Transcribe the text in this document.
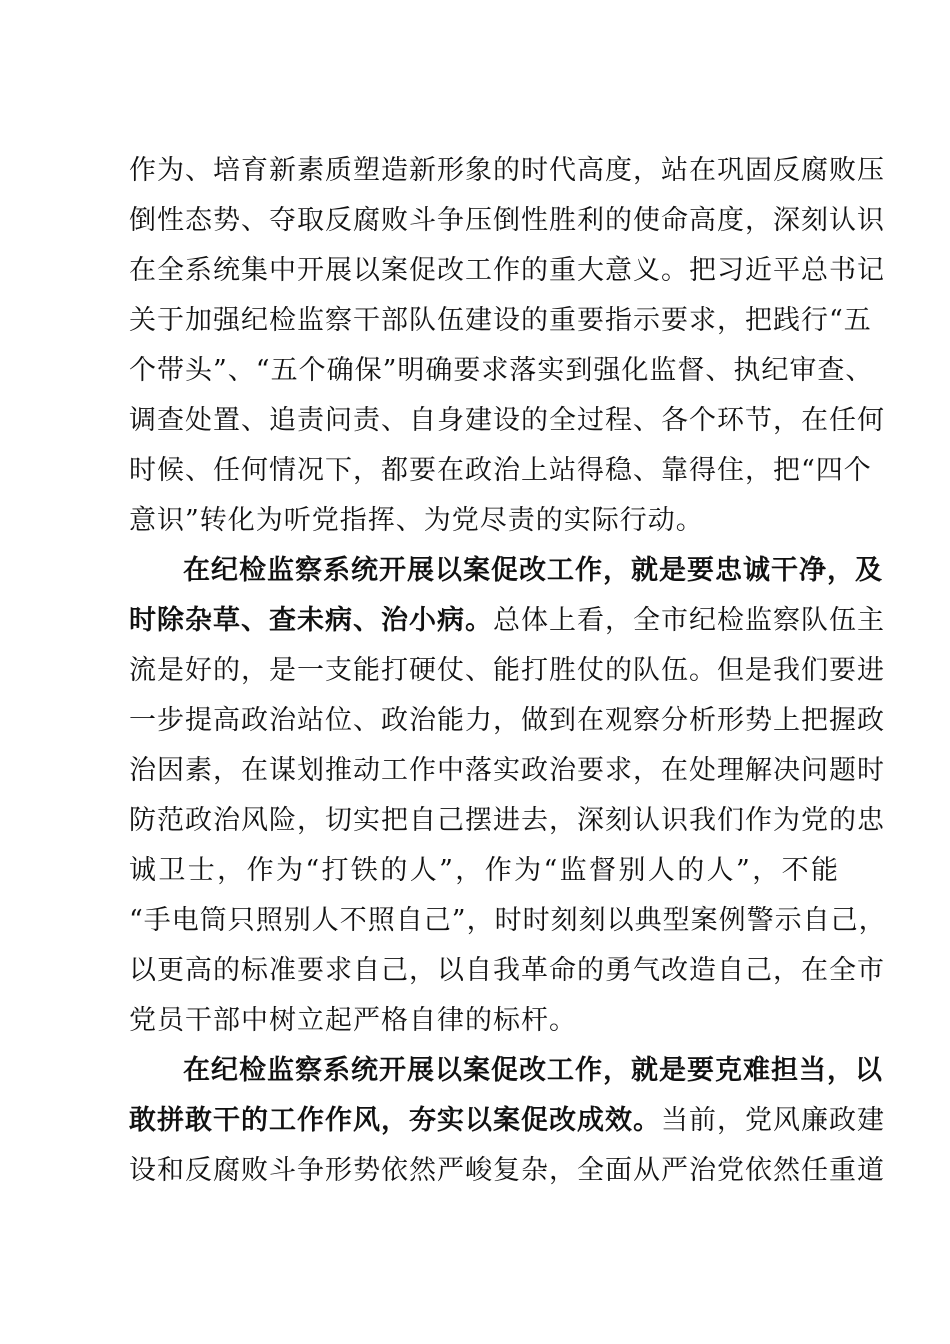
作为、培育新素质塑造新形象的时代高度，站在巩固反腐败压
倒性态势、夺取反腐败斗争压倒性胜利的使命高度，深刻认识
在全系统集中开展以案促改工作的重大意义。把习近平总书记
关于加强纪检监察干部队伍建设的重要指示要求，把践行“五
个带头”、“五个确保”明确要求落实到强化监督、执纪审查、
调查处置、追责问责、自身建设的全过程、各个环节，在任何
时候、任何情况下，都要在政治上站得稳、靠得住，把“四个
意识”转化为听党指挥、为党尽责的实际行动。
在纪检监察系统开展以案促改工作，就是要忠诚干净，及
时除杂草、查未病、治小病。总体上看，全市纪检监察队伍主
流是好的，是一支能打硬仗、能打胜仗的队伍。但是我们要进
一步提高政治站位、政治能力，做到在观察分析形势上把握政
治因素，在谋划推动工作中落实政治要求，在处理解决问题时
防范政治风险，切实把自己摆进去，深刻认识我们作为党的忠
诚卫士，作为“打铁的人”，作为“监督别人的人”，不能
“手电筒只照别人不照自己”，时时刻刻以典型案例警示自己，
以更高的标准要求自己，以自我革命的勇气改造自己，在全市
党员干部中树立起严格自律的标杆。
在纪检监察系统开展以案促改工作，就是要克难担当，以
敢拼敢干的工作作风，夯实以案促改成效。当前，党风廉政建
设和反腐败斗争形势依然严峻复杂，全面从严治党依然任重道
